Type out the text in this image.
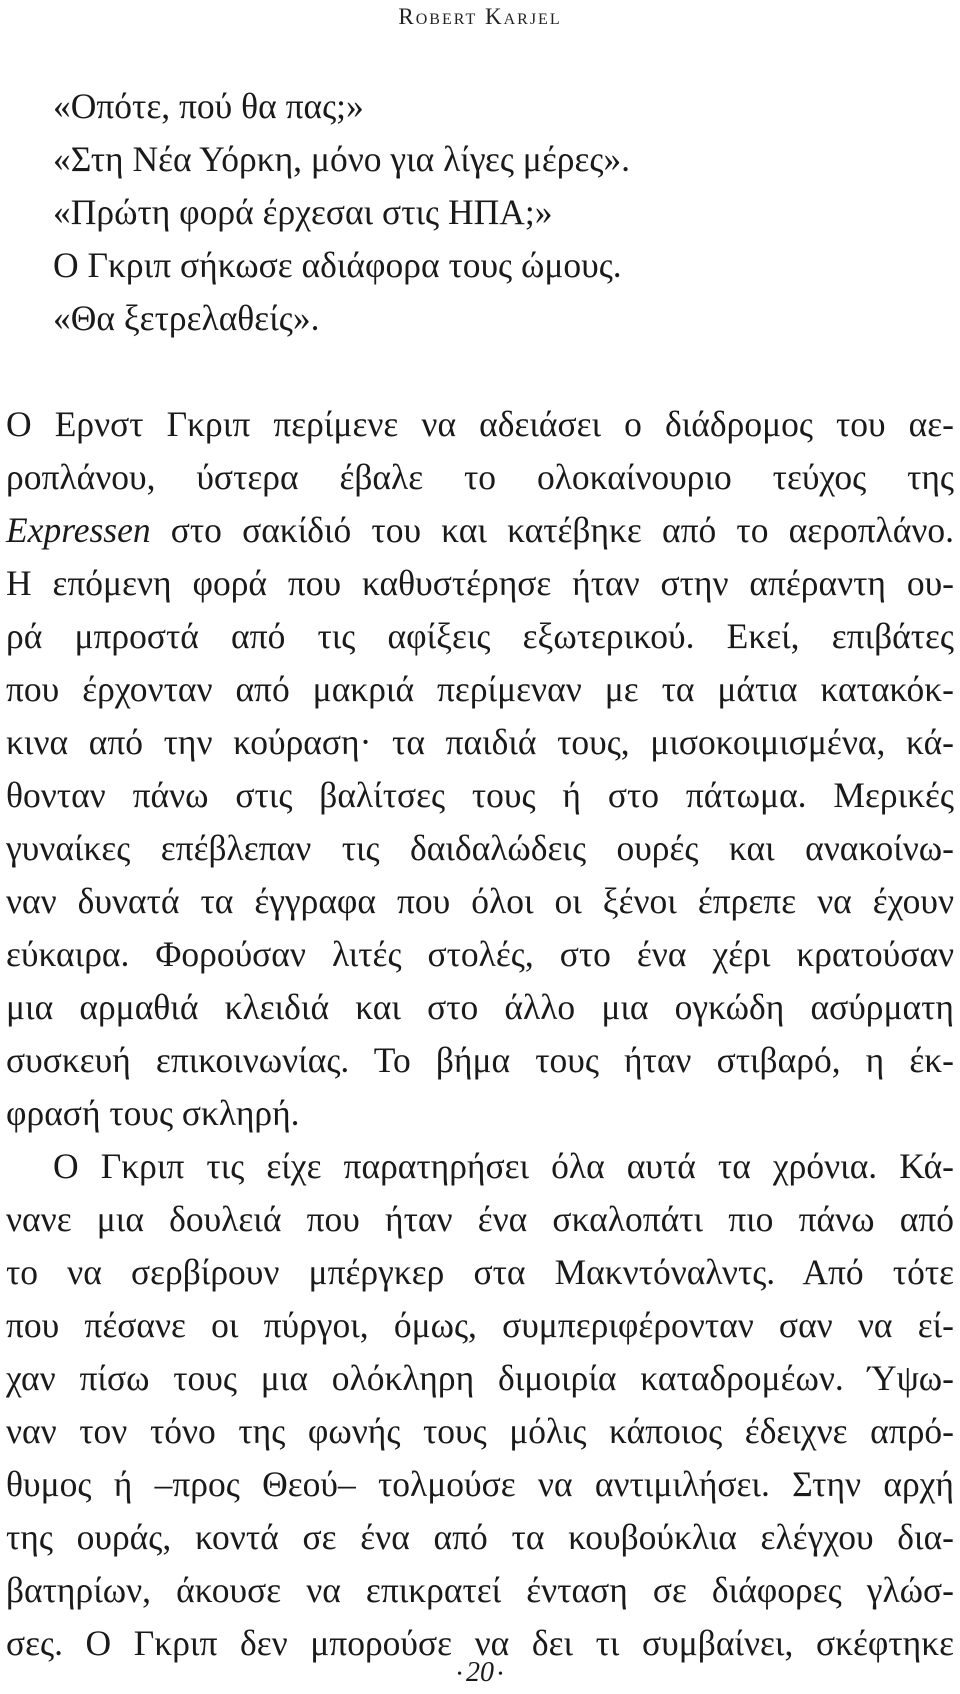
Robert Karjel
«Οπότε, πού θα πας;»
«Στη Νέα Υόρκη, μόνο για λίγες μέρες».
«Πρώτη φορά έρχεσαι στις ΗΠΑ;»
Ο Γκριπ σήκωσε αδιάφορα τους ώμους.
«Θα ξετρελαθείς».
Ο Ερνστ Γκριπ περίμενε να αδειάσει ο διάδρομος του αε-
ροπλάνου, ύστερα έβαλε το ολοκαίνουριο τεύχος της
Expressen στο σακίδιό του και κατέβηκε από το αεροπλάνο.
Η επόμενη φορά που καθυστέρησε ήταν στην απέραντη ου-
ρά μπροστά από τις αφίξεις εξωτερικού. Εκεί, επιβάτες
που έρχονταν από μακριά περίμεναν με τα μάτια κατακόκ-
κινα από την κούραση· τα παιδιά τους, μισοκοιμισμένα, κά-
θονταν πάνω στις βαλίτσες τους ή στο πάτωμα. Μερικές
γυναίκες επέβλεπαν τις δαιδαλώδεις ουρές και ανακοίνω-
ναν δυνατά τα έγγραφα που όλοι οι ξένοι έπρεπε να έχουν
εύκαιρα. Φορούσαν λιτές στολές, στο ένα χέρι κρατούσαν
μια αρμαθιά κλειδιά και στο άλλο μια ογκώδη ασύρματη
συσκευή επικοινωνίας. Το βήμα τους ήταν στιβαρό, η έκ-
φρασή τους σκληρή.
Ο Γκριπ τις είχε παρατηρήσει όλα αυτά τα χρόνια. Κά-
νανε μια δουλειά που ήταν ένα σκαλοπάτι πιο πάνω από
το να σερβίρουν μπέργκερ στα Μακντόναλντς. Από τότε
που πέσανε οι πύργοι, όμως, συμπεριφέρονταν σαν να εί-
χαν πίσω τους μια ολόκληρη διμοιρία καταδρομέων. Ύψω-
ναν τον τόνο της φωνής τους μόλις κάποιος έδειχνε απρό-
θυμος ή –προς Θεού– τολμούσε να αντιμιλήσει. Στην αρχή
της ουράς, κοντά σε ένα από τα κουβούκλια ελέγχου δια-
βατηρίων, άκουσε να επικρατεί ένταση σε διάφορες γλώσ-
σες. Ο Γκριπ δεν μπορούσε να δει τι συμβαίνει, σκέφτηκε
• 20 •
